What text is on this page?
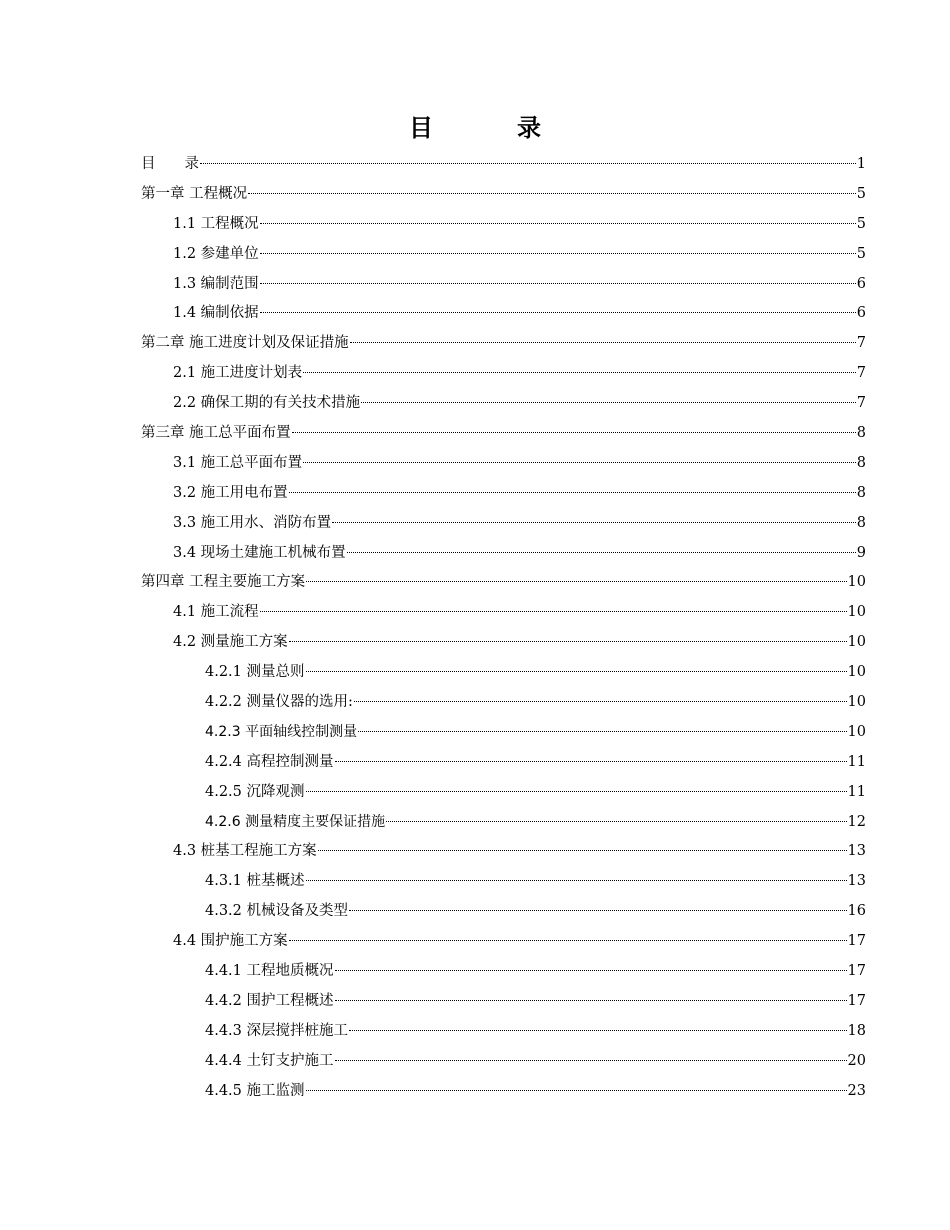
目　录
目　　录	1
第一章 工程概况	5
1.1 工程概况	5
1.2 参建单位	5
1.3 编制范围	6
1.4 编制依据	6
第二章 施工进度计划及保证措施	7
2.1 施工进度计划表	7
2.2 确保工期的有关技术措施	7
第三章 施工总平面布置	8
3.1 施工总平面布置	8
3.2 施工用电布置	8
3.3 施工用水、消防布置	8
3.4 现场土建施工机械布置	9
第四章 工程主要施工方案	10
4.1 施工流程	10
4.2 测量施工方案	10
4.2.1 测量总则	10
4.2.2 测量仪器的选用:	10
4.2.3 平面轴线控制测量	10
4.2.4 高程控制测量	11
4.2.5 沉降观测	11
4.2.6 测量精度主要保证措施	12
4.3 桩基工程施工方案	13
4.3.1 桩基概述	13
4.3.2 机械设备及类型	16
4.4 围护施工方案	17
4.4.1 工程地质概况	17
4.4.2 围护工程概述	17
4.4.3 深层搅拌桩施工	18
4.4.4 土钉支护施工	20
4.4.5 施工监测	23
